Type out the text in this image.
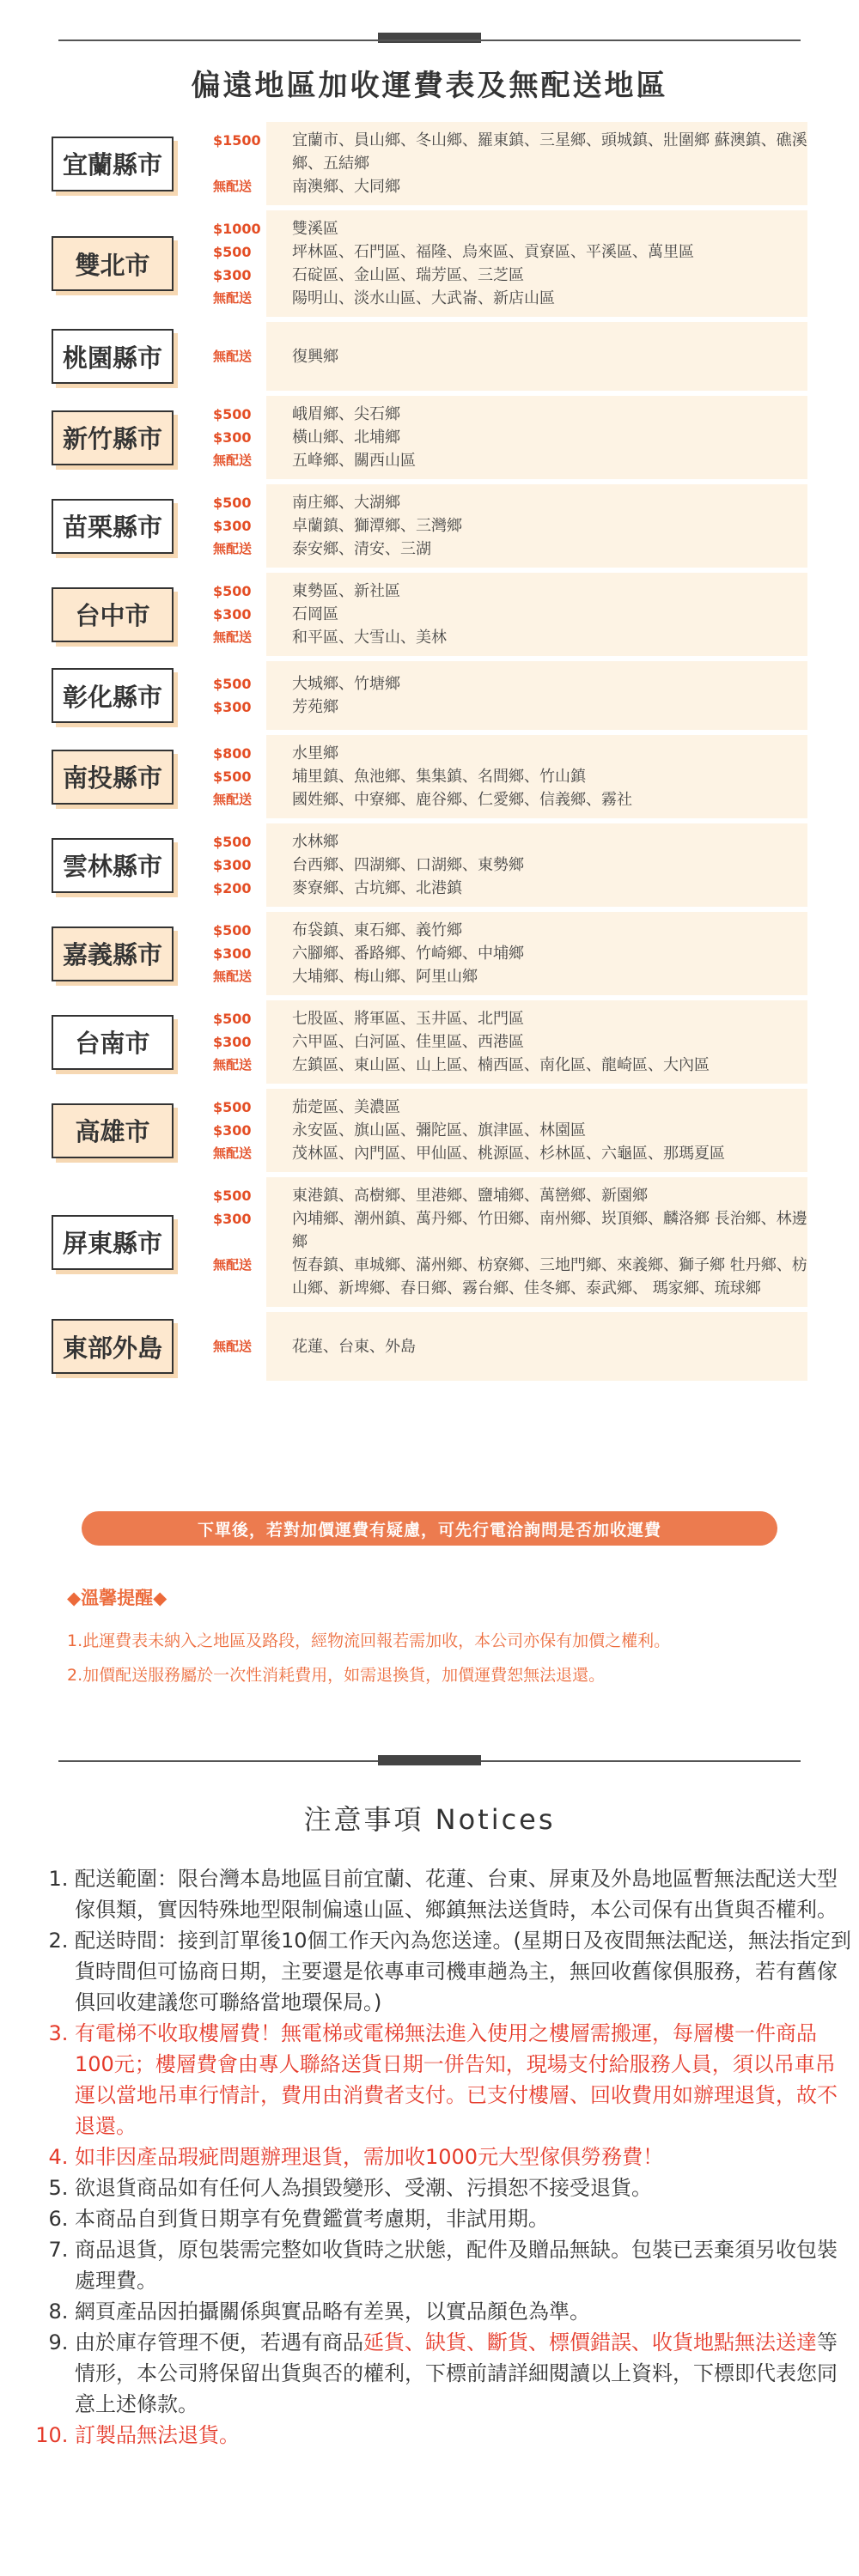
偏遠地區加收運費表及無配送地區
宜蘭縣市
$1500	宜蘭市、員山鄉、冬山鄉、羅東鎮、三星鄉、頭城鎮、壯圍鄉 蘇澳鎮、礁溪鄉、五結鄉
無配送	南澳鄉、大同鄉
雙北市
$1000	雙溪區
$500	坪林區、石門區、福隆、烏來區、貢寮區、平溪區、萬里區
$300	石碇區、金山區、瑞芳區、三芝區
無配送	陽明山、淡水山區、大武崙、新店山區
桃園縣市	無配送	復興鄉
新竹縣市
$500	峨眉鄉、尖石鄉
$300	橫山鄉、北埔鄉
無配送	五峰鄉、關西山區
苗栗縣市
$500	南庄鄉、大湖鄉
$300	卓蘭鎮、獅潭鄉、三灣鄉
無配送	泰安鄉、清安、三湖
台中市
$500	東勢區、新社區
$300	石岡區
無配送	和平區、大雪山、美林
彰化縣市	$500	大城鄉、竹塘鄉
$300	芳苑鄉
南投縣市
$800	水里鄉
$500	埔里鎮、魚池鄉、集集鎮、名間鄉、竹山鎮
無配送	國姓鄉、中寮鄉、鹿谷鄉、仁愛鄉、信義鄉、霧社
雲林縣市
$500	水林鄉
$300	台西鄉、四湖鄉、口湖鄉、東勢鄉
$200	麥寮鄉、古坑鄉、北港鎮
嘉義縣市
$500	布袋鎮、東石鄉、義竹鄉
$300	六腳鄉、番路鄉、竹崎鄉、中埔鄉
無配送	大埔鄉、梅山鄉、阿里山鄉
台南市
$500	七股區、將軍區、玉井區、北門區
$300	六甲區、白河區、佳里區、西港區
無配送	左鎮區、東山區、山上區、楠西區、南化區、龍崎區、大內區
高雄市
$500	茄萣區、美濃區
$300	永安區、旗山區、彌陀區、旗津區、林園區
無配送	茂林區、內門區、甲仙區、桃源區、杉林區、六龜區、那瑪夏區
屏東縣市
$500	東港鎮、高樹鄉、里港鄉、鹽埔鄉、萬巒鄉、新園鄉
$300	內埔鄉、潮州鎮、萬丹鄉、竹田鄉、南州鄉、崁頂鄉、麟洛鄉 長治鄉、林邊鄉
無配送	恆春鎮、車城鄉、滿州鄉、枋寮鄉、三地門鄉、來義鄉、獅子鄉 牡丹鄉、枋山鄉、新埤鄉、春日鄉、霧台鄉、佳冬鄉、泰武鄉、 瑪家鄉、琉球鄉
東部外島	無配送	花蓮、台東、外島
下單後，若對加價運費有疑慮，可先行電洽詢問是否加收運費
◆溫馨提醒◆
1.此運費表未納入之地區及路段，經物流回報若需加收，本公司亦保有加價之權利。
2.加價配送服務屬於一次性消耗費用，如需退換貨，加價運費恕無法退還。
注意事項 Notices
1. 配送範圍：限台灣本島地區目前宜蘭、花蓮、台東、屏東及外島地區暫無法配送大型傢俱類，實因特殊地型限制偏遠山區、鄉鎮無法送貨時，本公司保有出貨與否權利。
2. 配送時間：接到訂單後10個工作天內為您送達。(星期日及夜間無法配送，無法指定到貨時間但可協商日期，主要還是依專車司機車趟為主，無回收舊傢俱服務，若有舊傢俱回收建議您可聯絡當地環保局。)
3. 有電梯不收取樓層費！無電梯或電梯無法進入使用之樓層需搬運，每層樓一件商品100元；樓層費會由專人聯絡送貨日期一併告知，現場支付給服務人員，須以吊車吊運以當地吊車行情計，費用由消費者支付。已支付樓層、回收費用如辦理退貨，故不退還。
4. 如非因產品瑕疵問題辦理退貨，需加收1000元大型傢俱勞務費！
5. 欲退貨商品如有任何人為損毀變形、受潮、污損恕不接受退貨。
6. 本商品自到貨日期享有免費鑑賞考慮期，非試用期。
7. 商品退貨，原包裝需完整如收貨時之狀態，配件及贈品無缺。包裝已丟棄須另收包裝處理費。
8. 網頁產品因拍攝關係與實品略有差異，以實品顏色為準。
9. 由於庫存管理不便，若遇有商品延貨、缺貨、斷貨、標價錯誤、收貨地點無法送達等情形，本公司將保留出貨與否的權利，下標前請詳細閱讀以上資料，下標即代表您同意上述條款。
10. 訂製品無法退貨。
